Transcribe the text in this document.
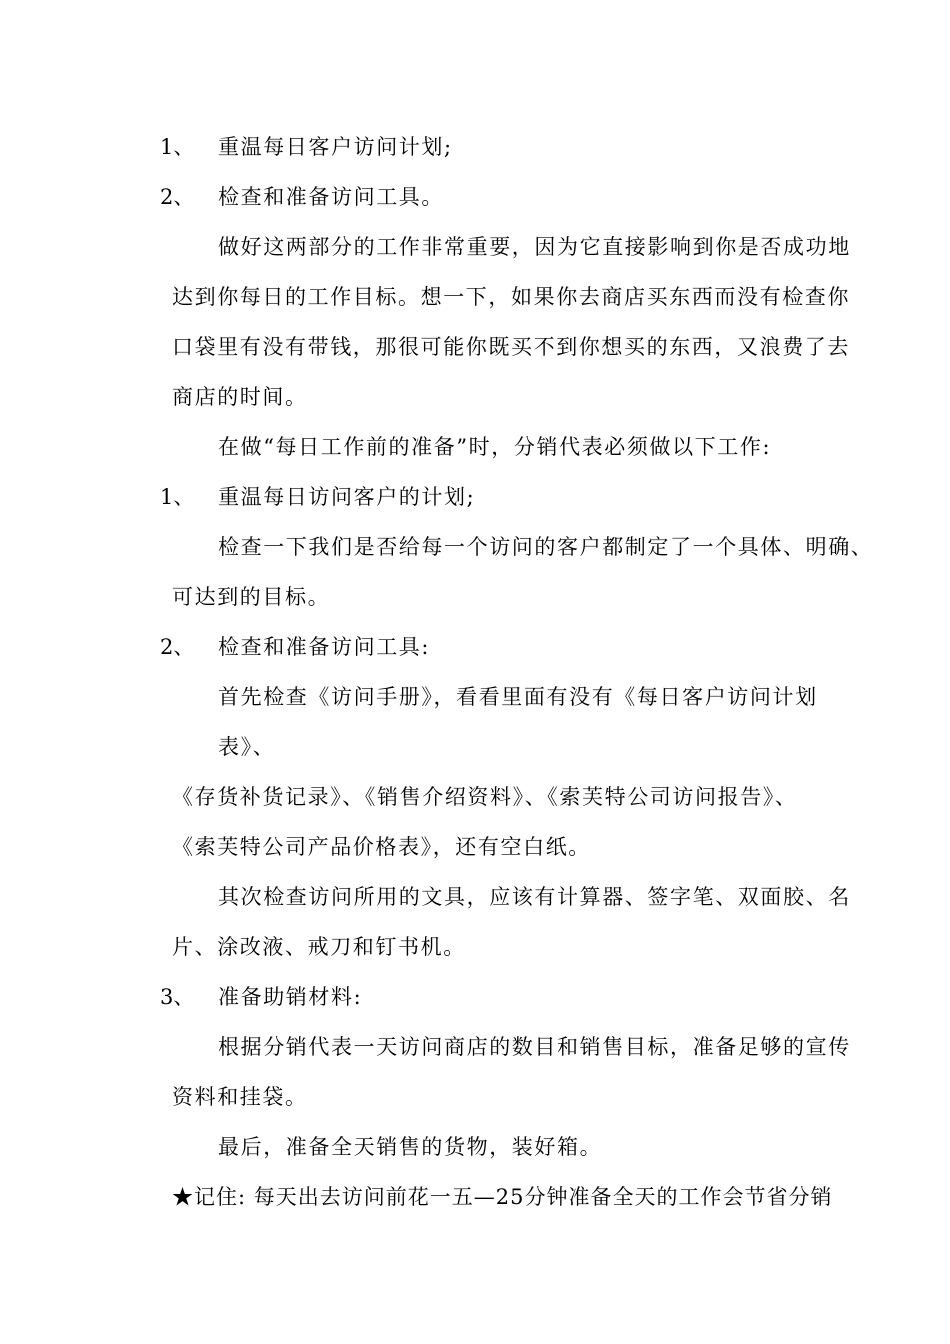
1、 重温每日客户访问计划;
2、 检查和准备访问工具。
做好这两部分的工作非常重要，因为它直接影响到你是否成功地
达到你每日的工作目标。想一下，如果你去商店买东西而没有检查你
口袋里有没有带钱，那很可能你既买不到你想买的东西，又浪费了去
商店的时间。
在做“每日工作前的准备”时，分销代表必须做以下工作:
1、 重温每日访问客户的计划;
检查一下我们是否给每一个访问的客户都制定了一个具体、明确、
可达到的目标。
2、 检查和准备访问工具:
首先检查《访问手册》，看看里面有没有《每日客户访问计划
表》、
《存货补货记录》、《销售介绍资料》、《索芙特公司访问报告》、
《索芙特公司产品价格表》，还有空白纸。
其次检查访问所用的文具，应该有计算器、签字笔、双面胶、名
片、涂改液、戒刀和钉书机。
3、 准备助销材料:
根据分销代表一天访问商店的数目和销售目标，准备足够的宣传
资料和挂袋。
最后，准备全天销售的货物，装好箱。
★记住: 每天出去访问前花一五—25分钟准备全天的工作会节省分销
